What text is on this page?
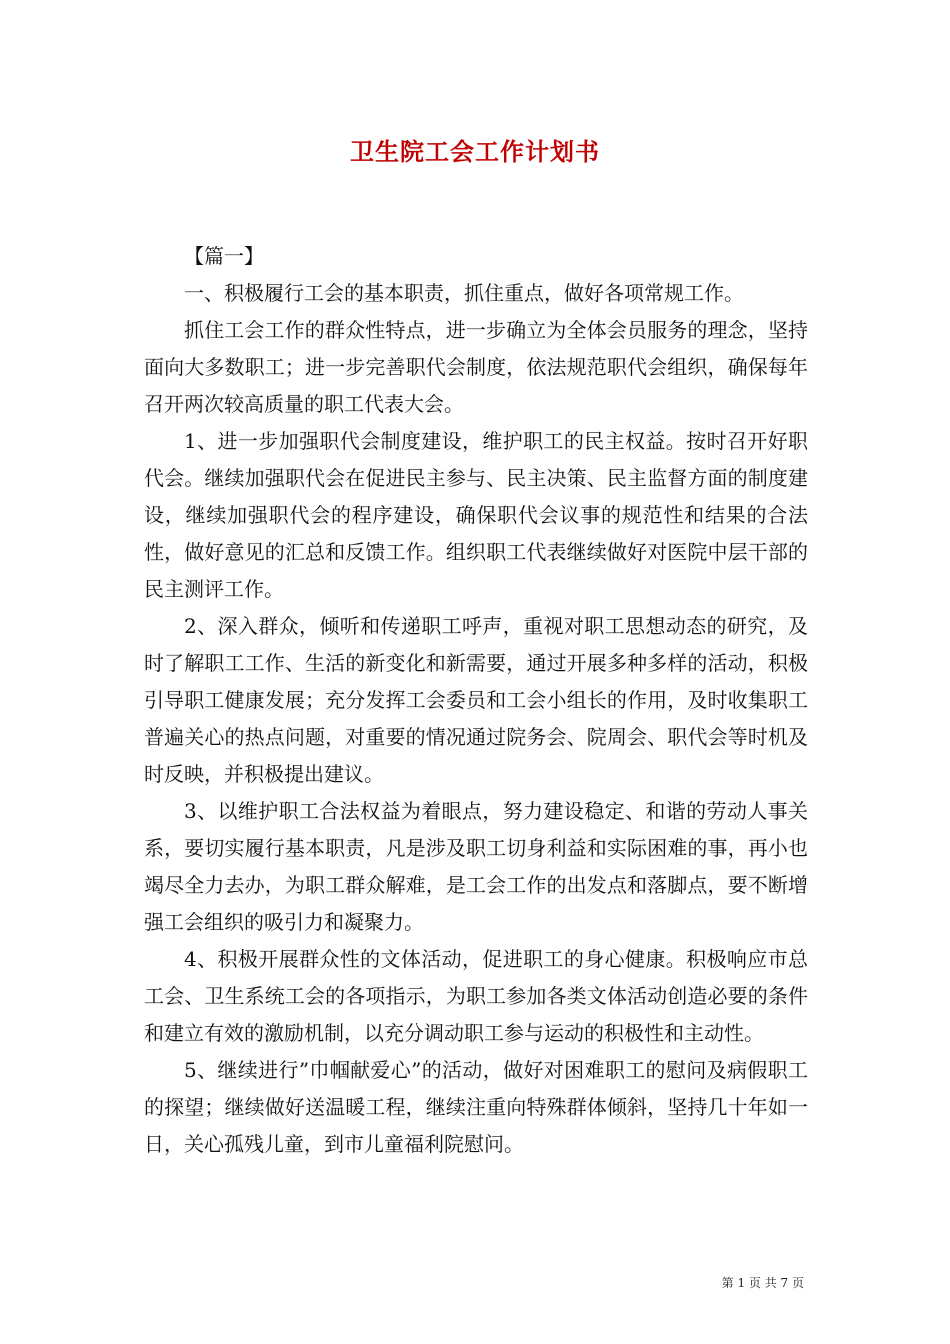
卫生院工会工作计划书

【篇一】

一、积极履行工会的基本职责，抓住重点，做好各项常规工作。

抓住工会工作的群众性特点，进一步确立为全体会员服务的理念，坚持面向大多数职工；进一步完善职代会制度，依法规范职代会组织，确保每年召开两次较高质量的职工代表大会。

1、进一步加强职代会制度建设，维护职工的民主权益。按时召开好职代会。继续加强职代会在促进民主参与、民主决策、民主监督方面的制度建设，继续加强职代会的程序建设，确保职代会议事的规范性和结果的合法性，做好意见的汇总和反馈工作。组织职工代表继续做好对医院中层干部的民主测评工作。

2、深入群众，倾听和传递职工呼声，重视对职工思想动态的研究，及时了解职工工作、生活的新变化和新需要，通过开展多种多样的活动，积极引导职工健康发展；充分发挥工会委员和工会小组长的作用，及时收集职工普遍关心的热点问题，对重要的情况通过院务会、院周会、职代会等时机及时反映，并积极提出建议。

3、以维护职工合法权益为着眼点，努力建设稳定、和谐的劳动人事关系，要切实履行基本职责，凡是涉及职工切身利益和实际困难的事，再小也竭尽全力去办，为职工群众解难，是工会工作的出发点和落脚点，要不断增强工会组织的吸引力和凝聚力。

4、积极开展群众性的文体活动，促进职工的身心健康。积极响应市总工会、卫生系统工会的各项指示，为职工参加各类文体活动创造必要的条件和建立有效的激励机制，以充分调动职工参与运动的积极性和主动性。

5、继续进行”巾帼献爱心”的活动，做好对困难职工的慰问及病假职工的探望；继续做好送温暖工程，继续注重向特殊群体倾斜，坚持几十年如一日，关心孤残儿童，到市儿童福利院慰问。

第 1 页 共 7 页
